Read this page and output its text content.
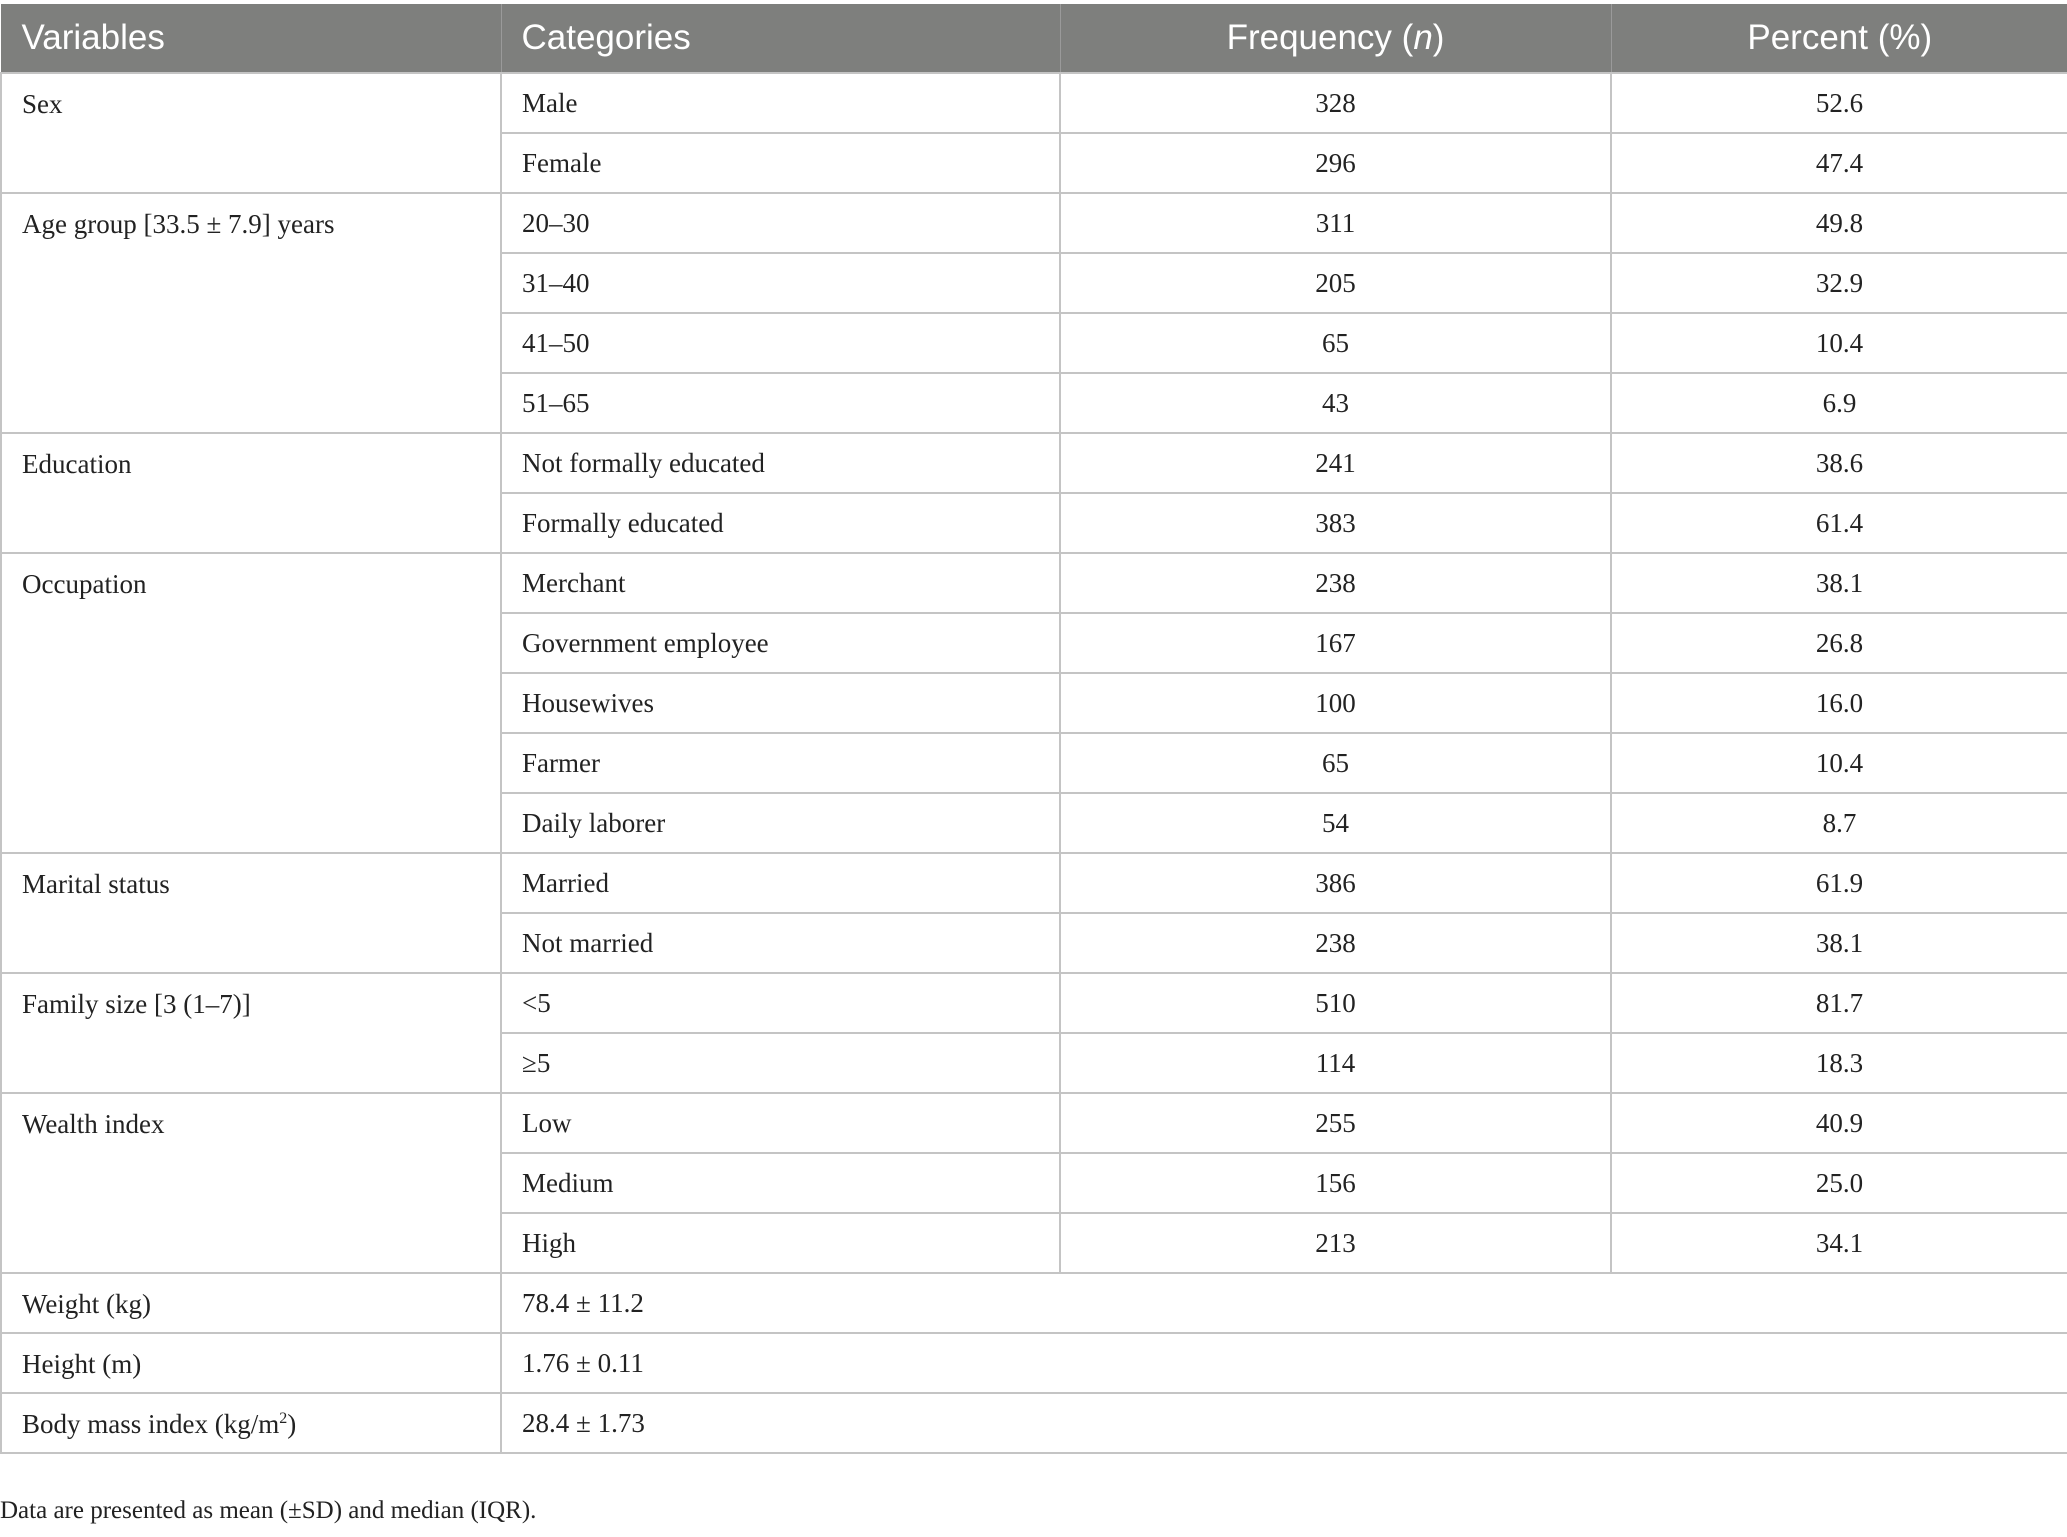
Variables	Categories	Frequency (n)	Percent (%)
Sex	Male	328	52.6
	Female	296	47.4
Age group [33.5 ± 7.9] years	20–30	311	49.8
	31–40	205	32.9
	41–50	65	10.4
	51–65	43	6.9
Education	Not formally educated	241	38.6
	Formally educated	383	61.4
Occupation	Merchant	238	38.1
	Government employee	167	26.8
	Housewives	100	16.0
	Farmer	65	10.4
	Daily laborer	54	8.7
Marital status	Married	386	61.9
	Not married	238	38.1
Family size [3 (1–7)]	<5	510	81.7
	≥5	114	18.3
Wealth index	Low	255	40.9
	Medium	156	25.0
	High	213	34.1
Weight (kg)	78.4 ± 11.2		
Height (m)	1.76 ± 0.11		
Body mass index $(kg/m^2)$	28.4 ± 1.73		

Data are presented as mean (±SD) and median (IQR).
